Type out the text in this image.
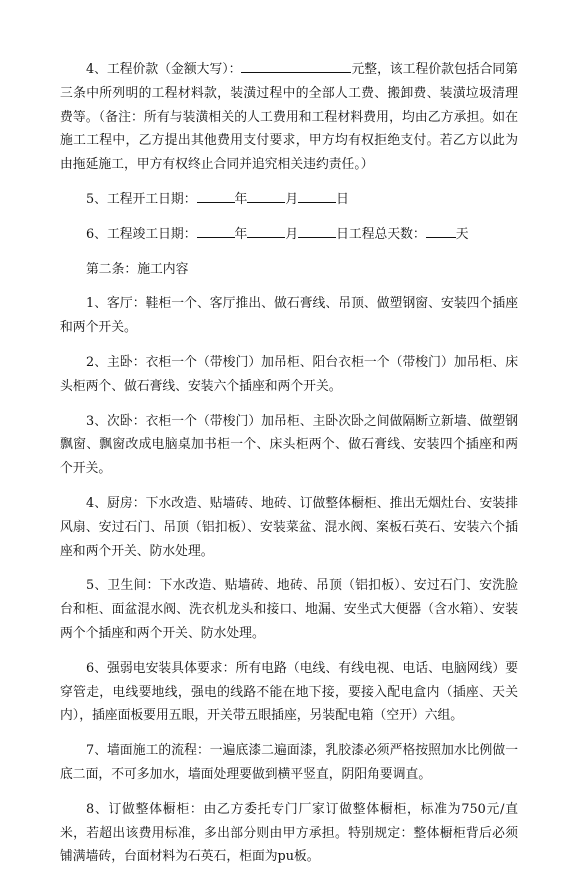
4、工程价款（金额大写）：	元整，该工程价款包括合同第三条中所列明的工程材料款，装潢过程中的全部人工费、搬卸费、装潢垃圾清理费等。（备注：所有与装潢相关的人工费用和工程材料费用，均由乙方承担。如在施工工程中，乙方提出其他费用支付要求，甲方均有权拒绝支付。若乙方以此为由拖延施工，甲方有权终止合同并追究相关违约责任。）

5、工程开工日期：	年	月	日

6、工程竣工日期：	年	月	日工程总天数： 天

第二条：施工内容

1、客厅：鞋柜一个、客厅推出、做石膏线、吊顶、做塑钢窗、安装四个插座和两个开关。

2、主卧：衣柜一个（带梭门）加吊柜、阳台衣柜一个（带梭门）加吊柜、床头柜两个、做石膏线、安装六个插座和两个开关。

3、次卧：衣柜一个（带梭门）加吊柜、主卧次卧之间做隔断立新墙、做塑钢飘窗、飘窗改成电脑桌加书柜一个、床头柜两个、做石膏线、安装四个插座和两个开关。

4、厨房：下水改造、贴墙砖、地砖、订做整体橱柜、推出无烟灶台、安装排风扇、安过石门、吊顶（铝扣板）、安装菜盆、混水阀、案板石英石、安装六个插座和两个开关、防水处理。

5、卫生间：下水改造、贴墙砖、地砖、吊顶（铝扣板）、安过石门、安洗脸台和柜、面盆混水阀、洗衣机龙头和接口、地漏、安坐式大便器（含水箱）、安装两个个插座和两个开关、防水处理。

6、强弱电安装具体要求：所有电路（电线、有线电视、电话、电脑网线）要穿管走，电线要地线，强电的线路不能在地下接，要接入配电盒内（插座、天关内），插座面板要用五眼，开关带五眼插座，另装配电箱（空开）六组。

7、墙面施工的流程：一遍底漆二遍面漆，乳胶漆必须严格按照加水比例做一底二面，不可多加水，墙面处理要做到横平竖直，阴阳角要调直。

8、订做整体橱柜：由乙方委托专门厂家订做整体橱柜，标准为750元/直米，若超出该费用标准，多出部分则由甲方承担。特别规定：整体橱柜背后必须铺满墙砖，台面材料为石英石，柜面为pu板。
